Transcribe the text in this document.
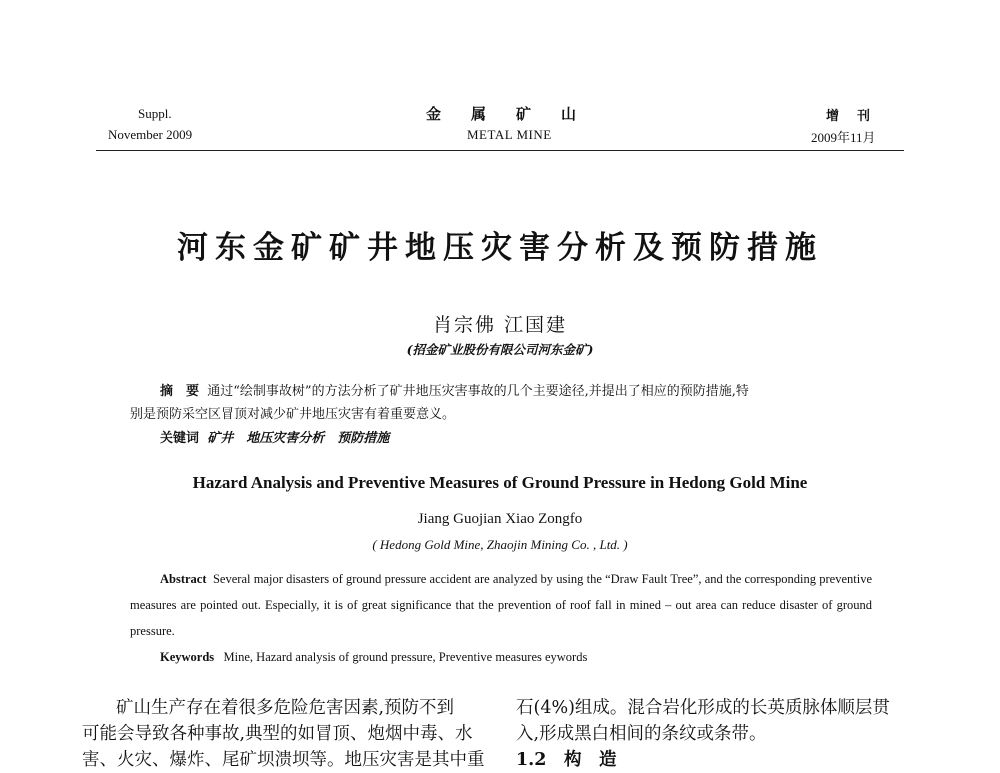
Suppl.
November 2009
金属矿山
METAL MINE
增刊
2009年11月
河东金矿矿井地压灾害分析及预防措施
肖宗佛 江国建
(招金矿业股份有限公司河东金矿)
摘　要 通过“绘制事故树”的方法分析了矿井地压灾害事故的几个主要途径,并提出了相应的预防措施,特
别是预防采空区冒顶对减少矿井地压灾害有着重要意义。
关键词 矿井　地压灾害分析　预防措施
Hazard Analysis and Preventive Measures of Ground Pressure in Hedong Gold Mine
Jiang Guojian Xiao Zongfo
( Hedong Gold Mine, Zhaojin Mining Co. , Ltd. )
Abstract Several major disasters of ground pressure accident are analyzed by using the “Draw Fault Tree”, and the corresponding preventive measures are pointed out. Especially, it is of great significance that the prevention of roof fall in mined – out area can reduce disaster of ground pressure.
Keywords Mine, Hazard analysis of ground pressure, Preventive measures eywords
矿山生产存在着很多危险危害因素,预防不到
可能会导致各种事故,典型的如冒顶、炮烟中毒、水
害、火灾、爆炸、尾矿坝溃坝等。地压灾害是其中重
石(4%)组成。混合岩化形成的长英质脉体顺层贯
入,形成黑白相间的条纹或条带。
1.2　构　造
